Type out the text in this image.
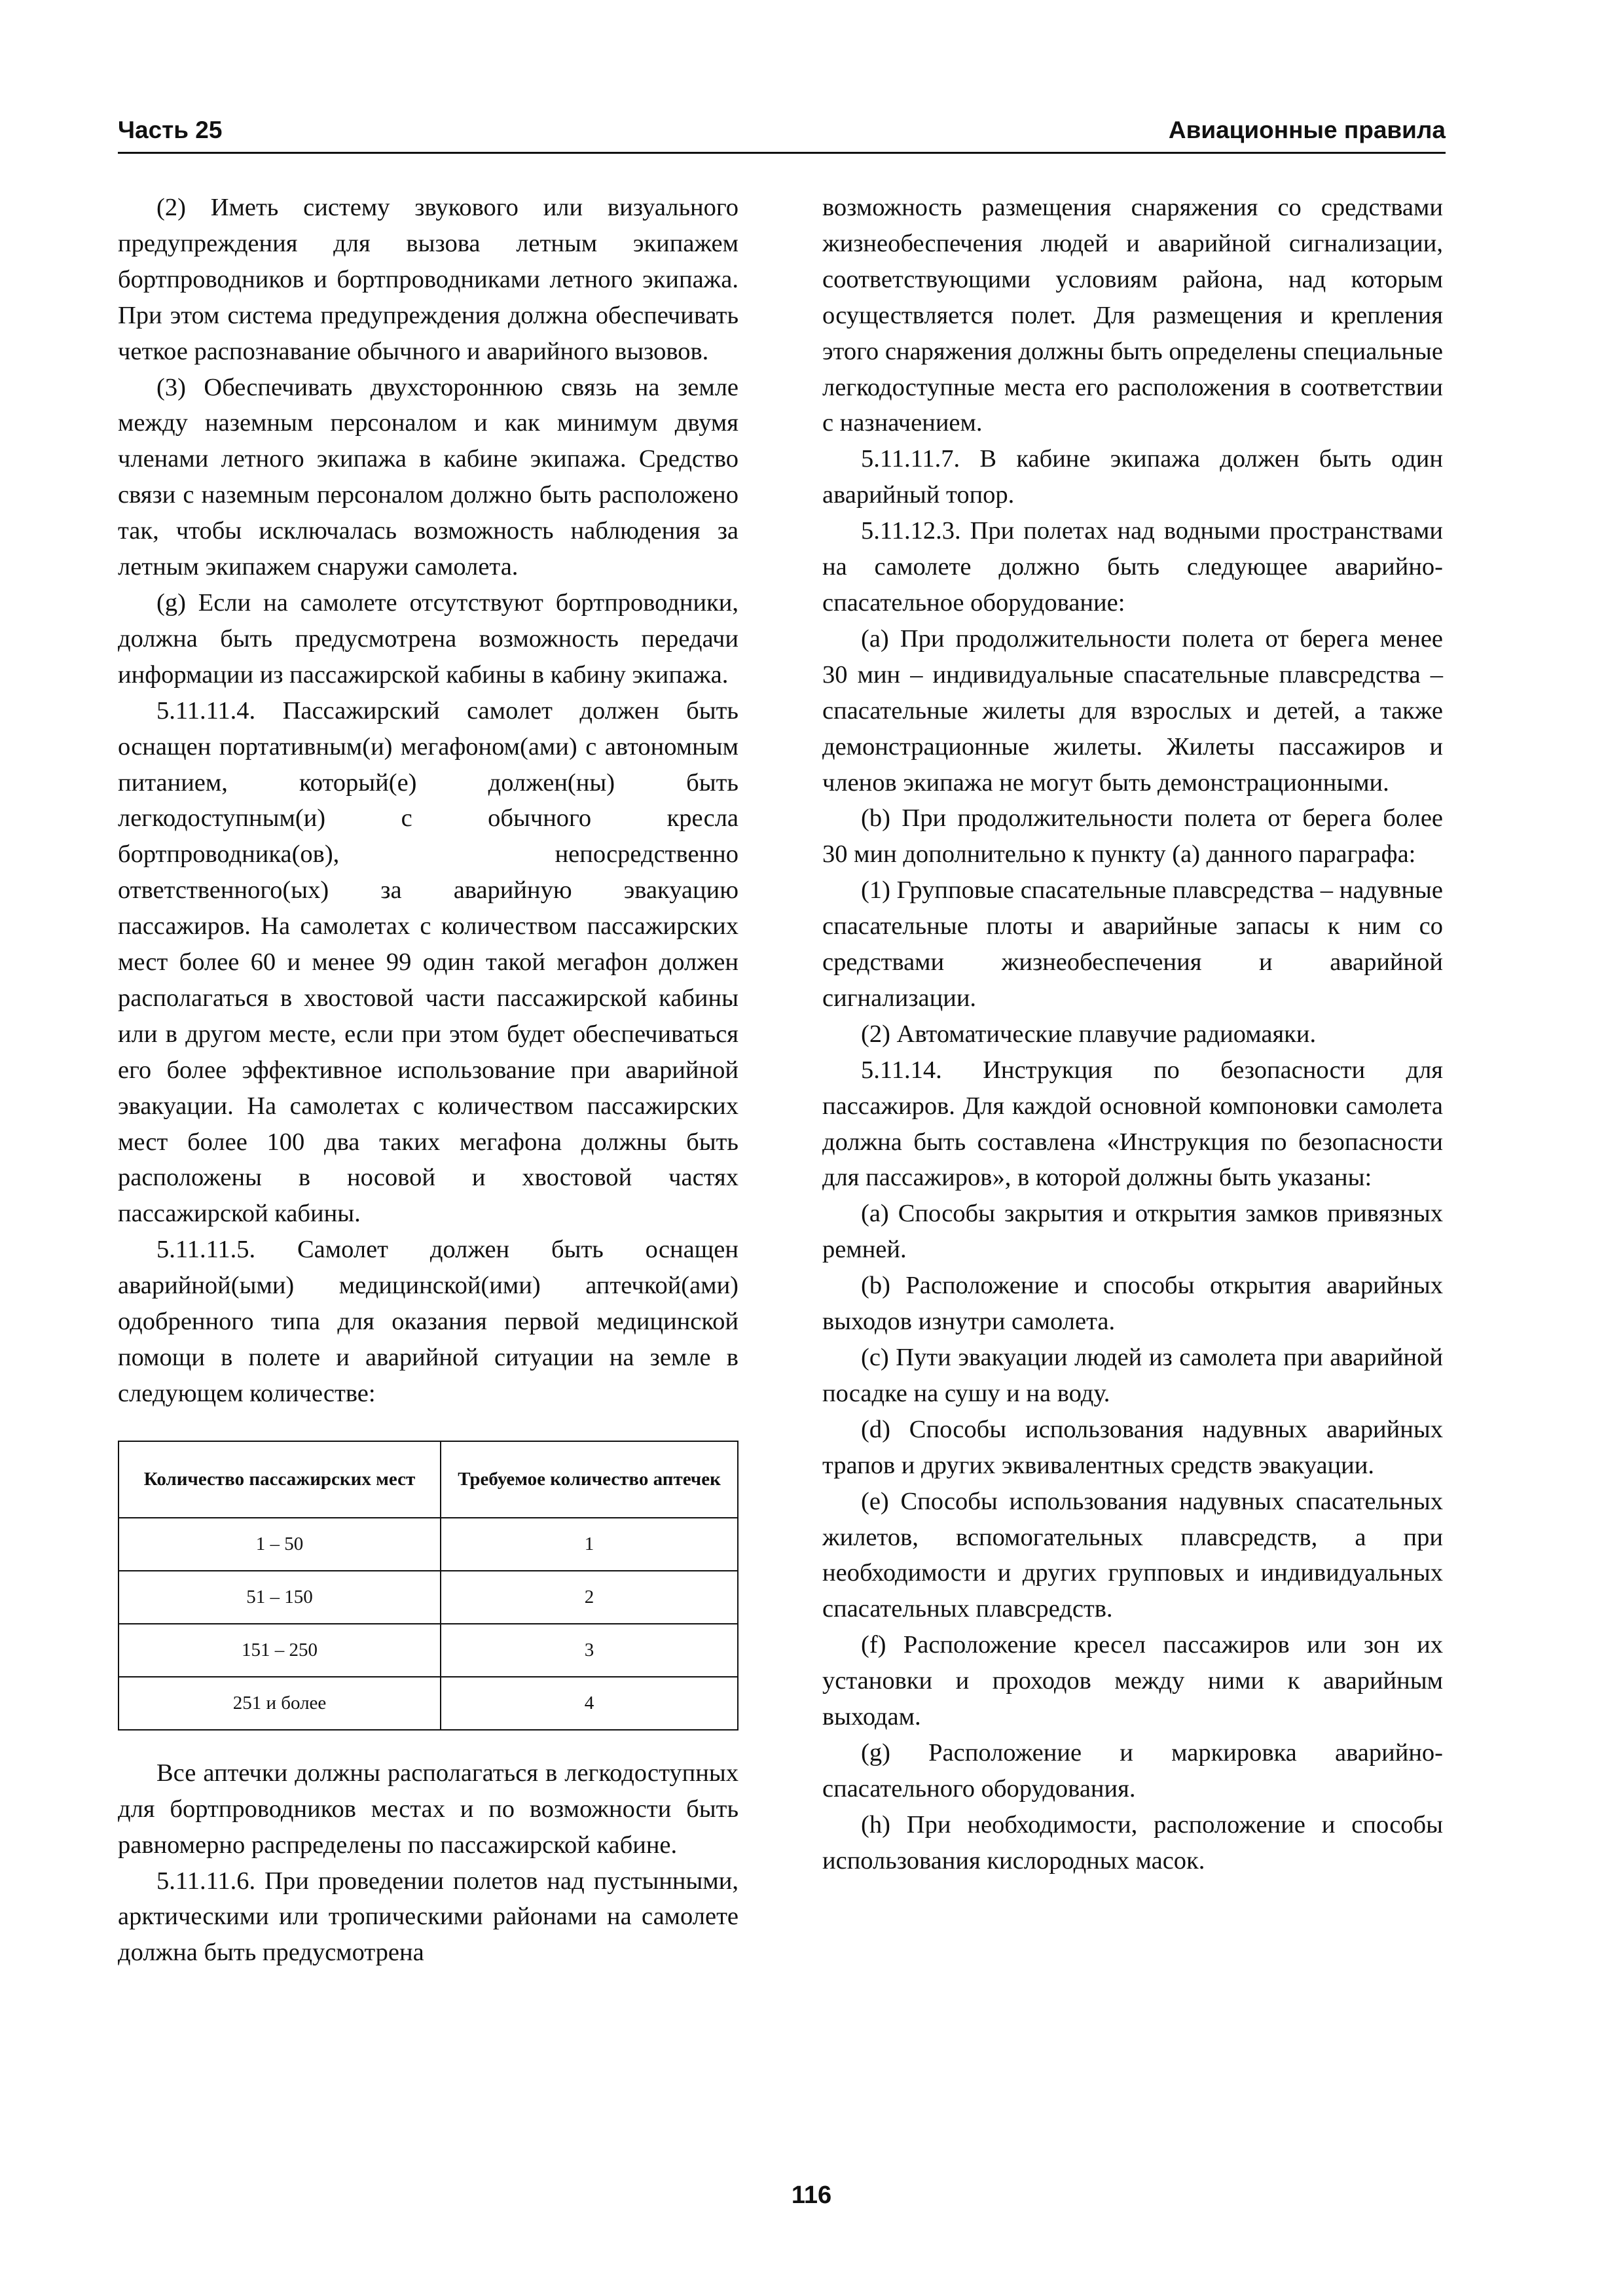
Часть 25	Авиационные правила

(2) Иметь систему звукового или визуального предупреждения для вызова летным экипажем бортпроводников и бортпроводниками летного экипажа. При этом система предупреждения должна обеспечивать четкое распознавание обычного и аварийного вызовов.

(3) Обеспечивать двухстороннюю связь на земле между наземным персоналом и как минимум двумя членами летного экипажа в кабине экипажа. Средство связи с наземным персоналом должно быть расположено так, чтобы исключалась возможность наблюдения за летным экипажем снаружи самолета.

(g) Если на самолете отсутствуют бортпроводники, должна быть предусмотрена возможность передачи информации из пассажирской кабины в кабину экипажа.

5.11.11.4. Пассажирский самолет должен быть оснащен портативным(и) мегафоном(ами) с автономным питанием, который(е) должен(ны) быть легкодоступным(и) с обычного кресла бортпроводника(ов), непосредственно ответственного(ых) за аварийную эвакуацию пассажиров. На самолетах с количеством пассажирских мест более 60 и менее 99 один такой мегафон должен располагаться в хвостовой части пассажирской кабины или в другом месте, если при этом будет обеспечиваться его более эффективное использование при аварийной эвакуации. На самолетах с количеством пассажирских мест более 100 два таких мегафона должны быть расположены в носовой и хвостовой частях пассажирской кабины.

5.11.11.5. Самолет должен быть оснащен аварийной(ыми) медицинской(ими) аптечкой(ами) одобренного типа для оказания первой медицинской помощи в полете и аварийной ситуации на земле в следующем количестве:

Количество пассажирских мест	Требуемое количество аптечек
1 – 50	1
51 – 150	2
151 – 250	3
251 и более	4

Все аптечки должны располагаться в легкодоступных для бортпроводников местах и по возможности быть равномерно распределены по пассажирской кабине.

5.11.11.6. При проведении полетов над пустынными, арктическими или тропическими районами на самолете должна быть предусмотрена

возможность размещения снаряжения со средствами жизнеобеспечения людей и аварийной сигнализации, соответствующими условиям района, над которым осуществляется полет. Для размещения и крепления этого снаряжения должны быть определены специальные легкодоступные места его расположения в соответствии с назначением.

5.11.11.7. В кабине экипажа должен быть один аварийный топор.

5.11.12.3. При полетах над водными пространствами на самолете должно быть следующее аварийно-спасательное оборудование:

(a) При продолжительности полета от берега менее 30 мин – индивидуальные спасательные плавсредства – спасательные жилеты для взрослых и детей, а также демонстрационные жилеты. Жилеты пассажиров и членов экипажа не могут быть демонстрационными.

(b) При продолжительности полета от берега более 30 мин дополнительно к пункту (a) данного параграфа:

(1) Групповые спасательные плавсредства – надувные спасательные плоты и аварийные запасы к ним со средствами жизнеобеспечения и аварийной сигнализации.

(2) Автоматические плавучие радиомаяки.

5.11.14. Инструкция по безопасности для пассажиров. Для каждой основной компоновки самолета должна быть составлена «Инструкция по безопасности для пассажиров», в которой должны быть указаны:

(a) Способы закрытия и открытия замков привязных ремней.

(b) Расположение и способы открытия аварийных выходов изнутри самолета.

(c) Пути эвакуации людей из самолета при аварийной посадке на сушу и на воду.

(d) Способы использования надувных аварийных трапов и других эквивалентных средств эвакуации.

(e) Способы использования надувных спасательных жилетов, вспомогательных плавсредств, а при необходимости и других групповых и индивидуальных спасательных плавсредств.

(f) Расположение кресел пассажиров или зон их установки и проходов между ними к аварийным выходам.

(g) Расположение и маркировка аварийно-спасательного оборудования.

(h) При необходимости, расположение и способы использования кислородных масок.

116
